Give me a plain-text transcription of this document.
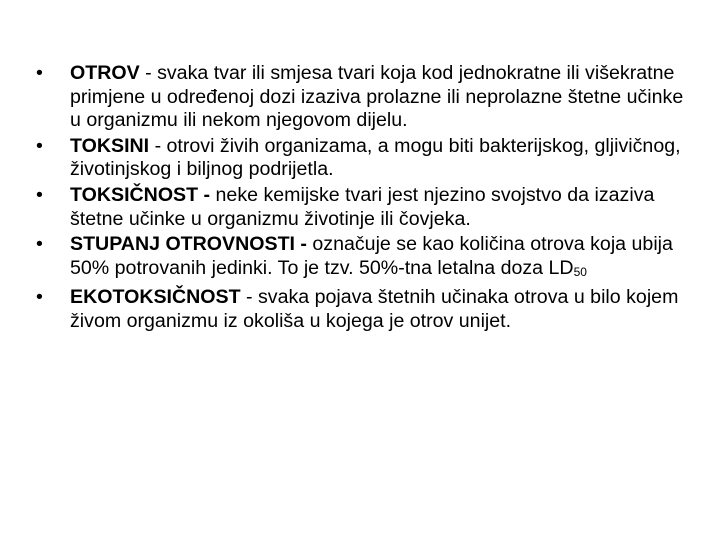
•	OTROV - svaka tvar ili smjesa tvari koja kod jednokratne ili višekratne primjene u određenoj dozi izaziva prolazne ili neprolazne štetne učinke u organizmu ili nekom njegovom dijelu.
•	TOKSINI - otrovi živih organizama, a mogu biti bakterijskog, gljivičnog, životinjskog i biljnog podrijetla.
•	TOKSIČNOST - neke kemijske tvari jest njezino svojstvo da izaziva štetne učinke u organizmu životinje ili čovjeka.
•	STUPANJ OTROVNOSTI - označuje se kao količina otrova koja ubija 50% potrovanih jedinki. To je tzv. 50%-tna letalna doza LD50
•	EKOTOKSIČNOST - svaka pojava štetnih učinaka otrova u bilo kojem živom organizmu iz okoliša u kojega je otrov unijet.
